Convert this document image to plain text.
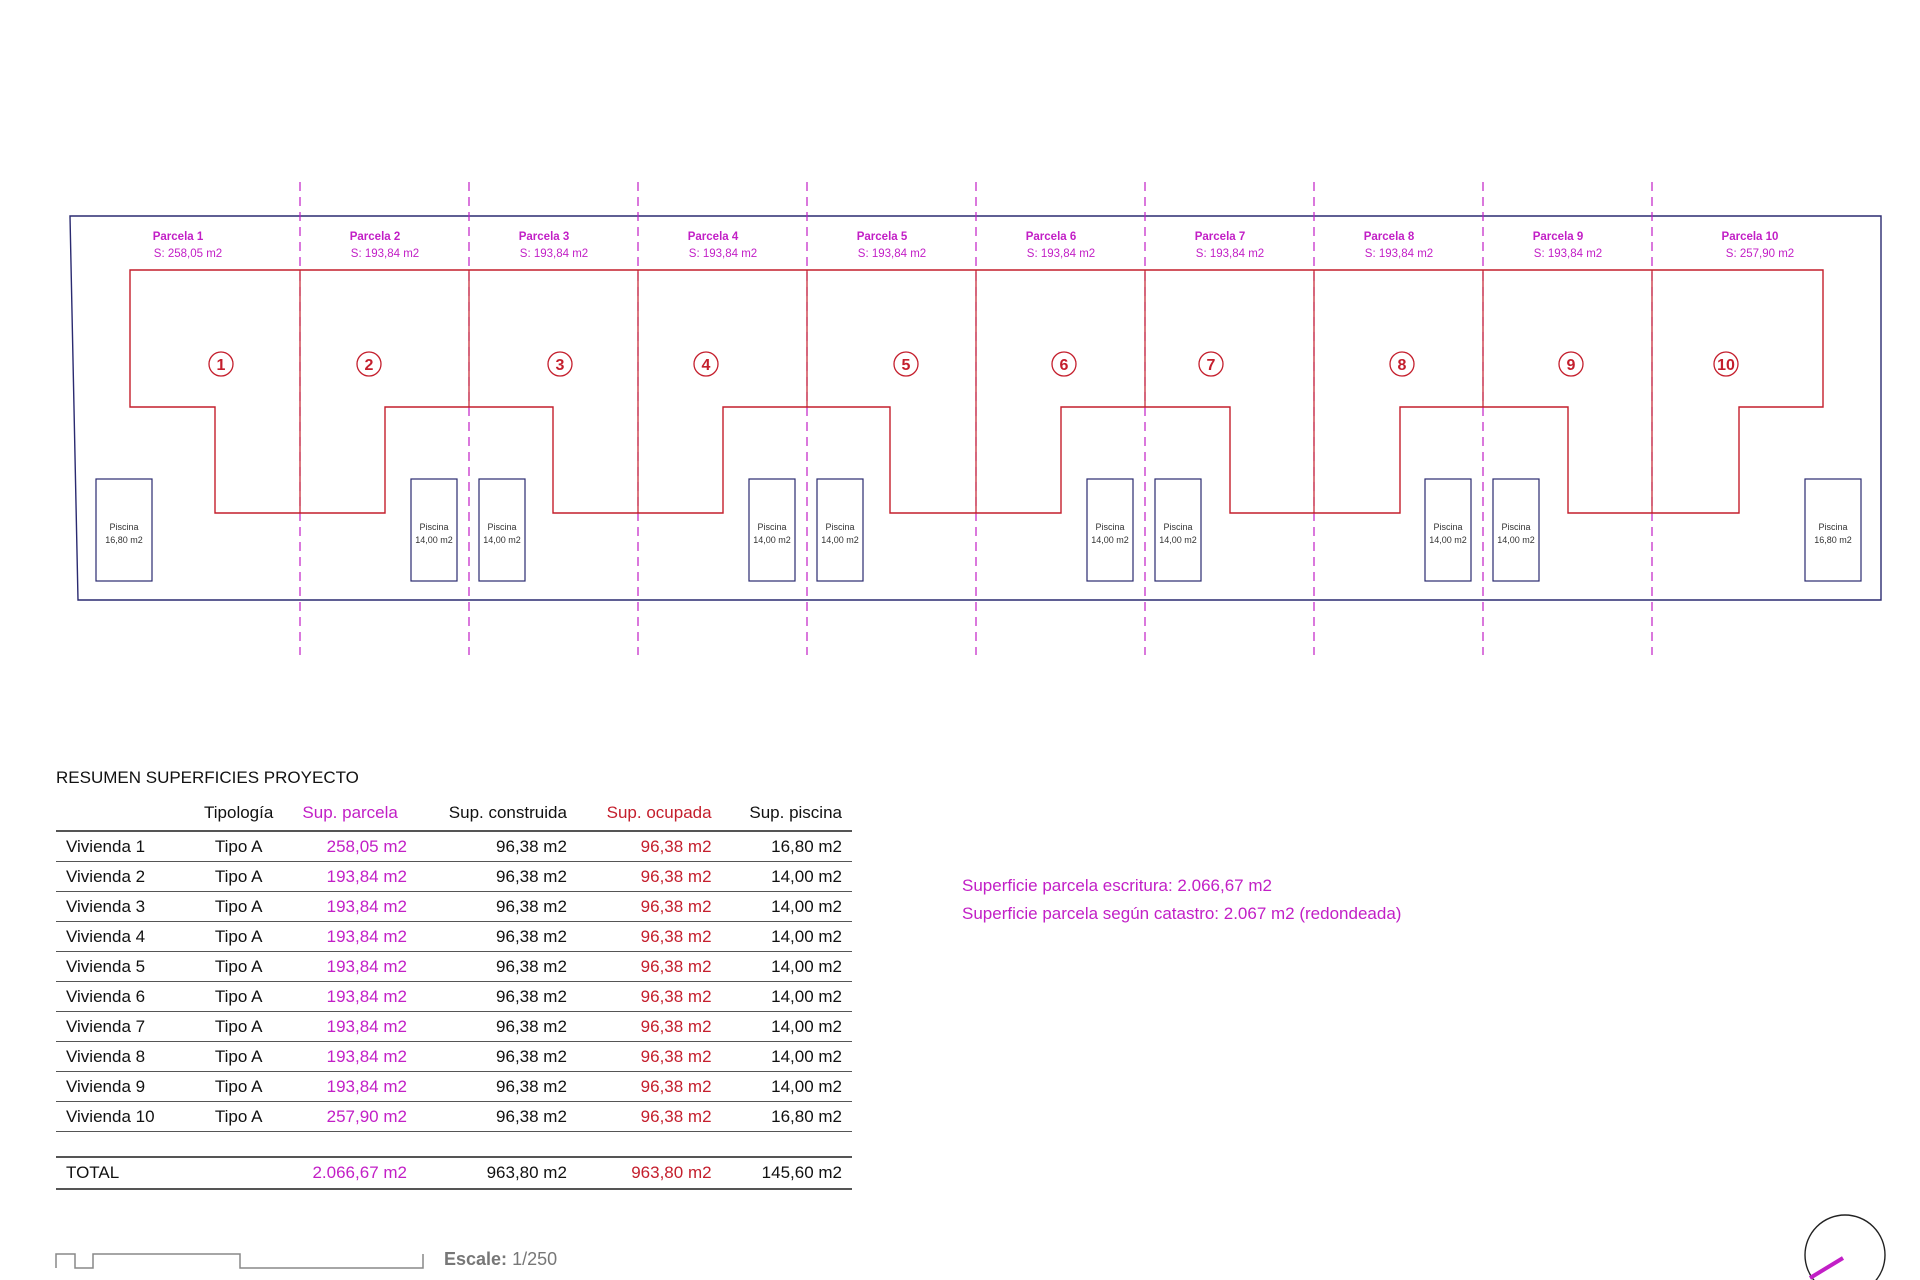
Piscina
16,80 m2
Piscina
14,00 m2
Piscina
14,00 m2
Piscina
14,00 m2
Piscina
14,00 m2
Piscina
14,00 m2
Piscina
14,00 m2
Piscina
14,00 m2
Piscina
14,00 m2
Piscina
16,80 m2
Parcela 1
S: 258,05 m2
Parcela 2
S: 193,84 m2
Parcela 3
S: 193,84 m2
Parcela 4
S: 193,84 m2
Parcela 5
S: 193,84 m2
Parcela 6
S: 193,84 m2
Parcela 7
S: 193,84 m2
Parcela 8
S: 193,84 m2
Parcela 9
S: 193,84 m2
Parcela 10
S: 257,90 m2
1	2	3	4	5	6	7	8	9	10
RESUMEN SUPERFICIES PROYECTO
	Tipología	Sup. parcela	Sup. construida	Sup. ocupada	Sup. piscina
Vivienda 1	Tipo A	258,05 m2	96,38 m2	96,38 m2	16,80 m2
Vivienda 2	Tipo A	193,84 m2	96,38 m2	96,38 m2	14,00 m2
Vivienda 3	Tipo A	193,84 m2	96,38 m2	96,38 m2	14,00 m2
Vivienda 4	Tipo A	193,84 m2	96,38 m2	96,38 m2	14,00 m2
Vivienda 5	Tipo A	193,84 m2	96,38 m2	96,38 m2	14,00 m2
Vivienda 6	Tipo A	193,84 m2	96,38 m2	96,38 m2	14,00 m2
Vivienda 7	Tipo A	193,84 m2	96,38 m2	96,38 m2	14,00 m2
Vivienda 8	Tipo A	193,84 m2	96,38 m2	96,38 m2	14,00 m2
Vivienda 9	Tipo A	193,84 m2	96,38 m2	96,38 m2	14,00 m2
Vivienda 10	Tipo A	257,90 m2	96,38 m2	96,38 m2	16,80 m2

TOTAL		2.066,67 m2	963,80 m2	963,80 m2	145,60 m2
Superficie parcela escritura: 2.066,67 m2
Superficie parcela según catastro: 2.067 m2 (redondeada)
Escale: 1/250
